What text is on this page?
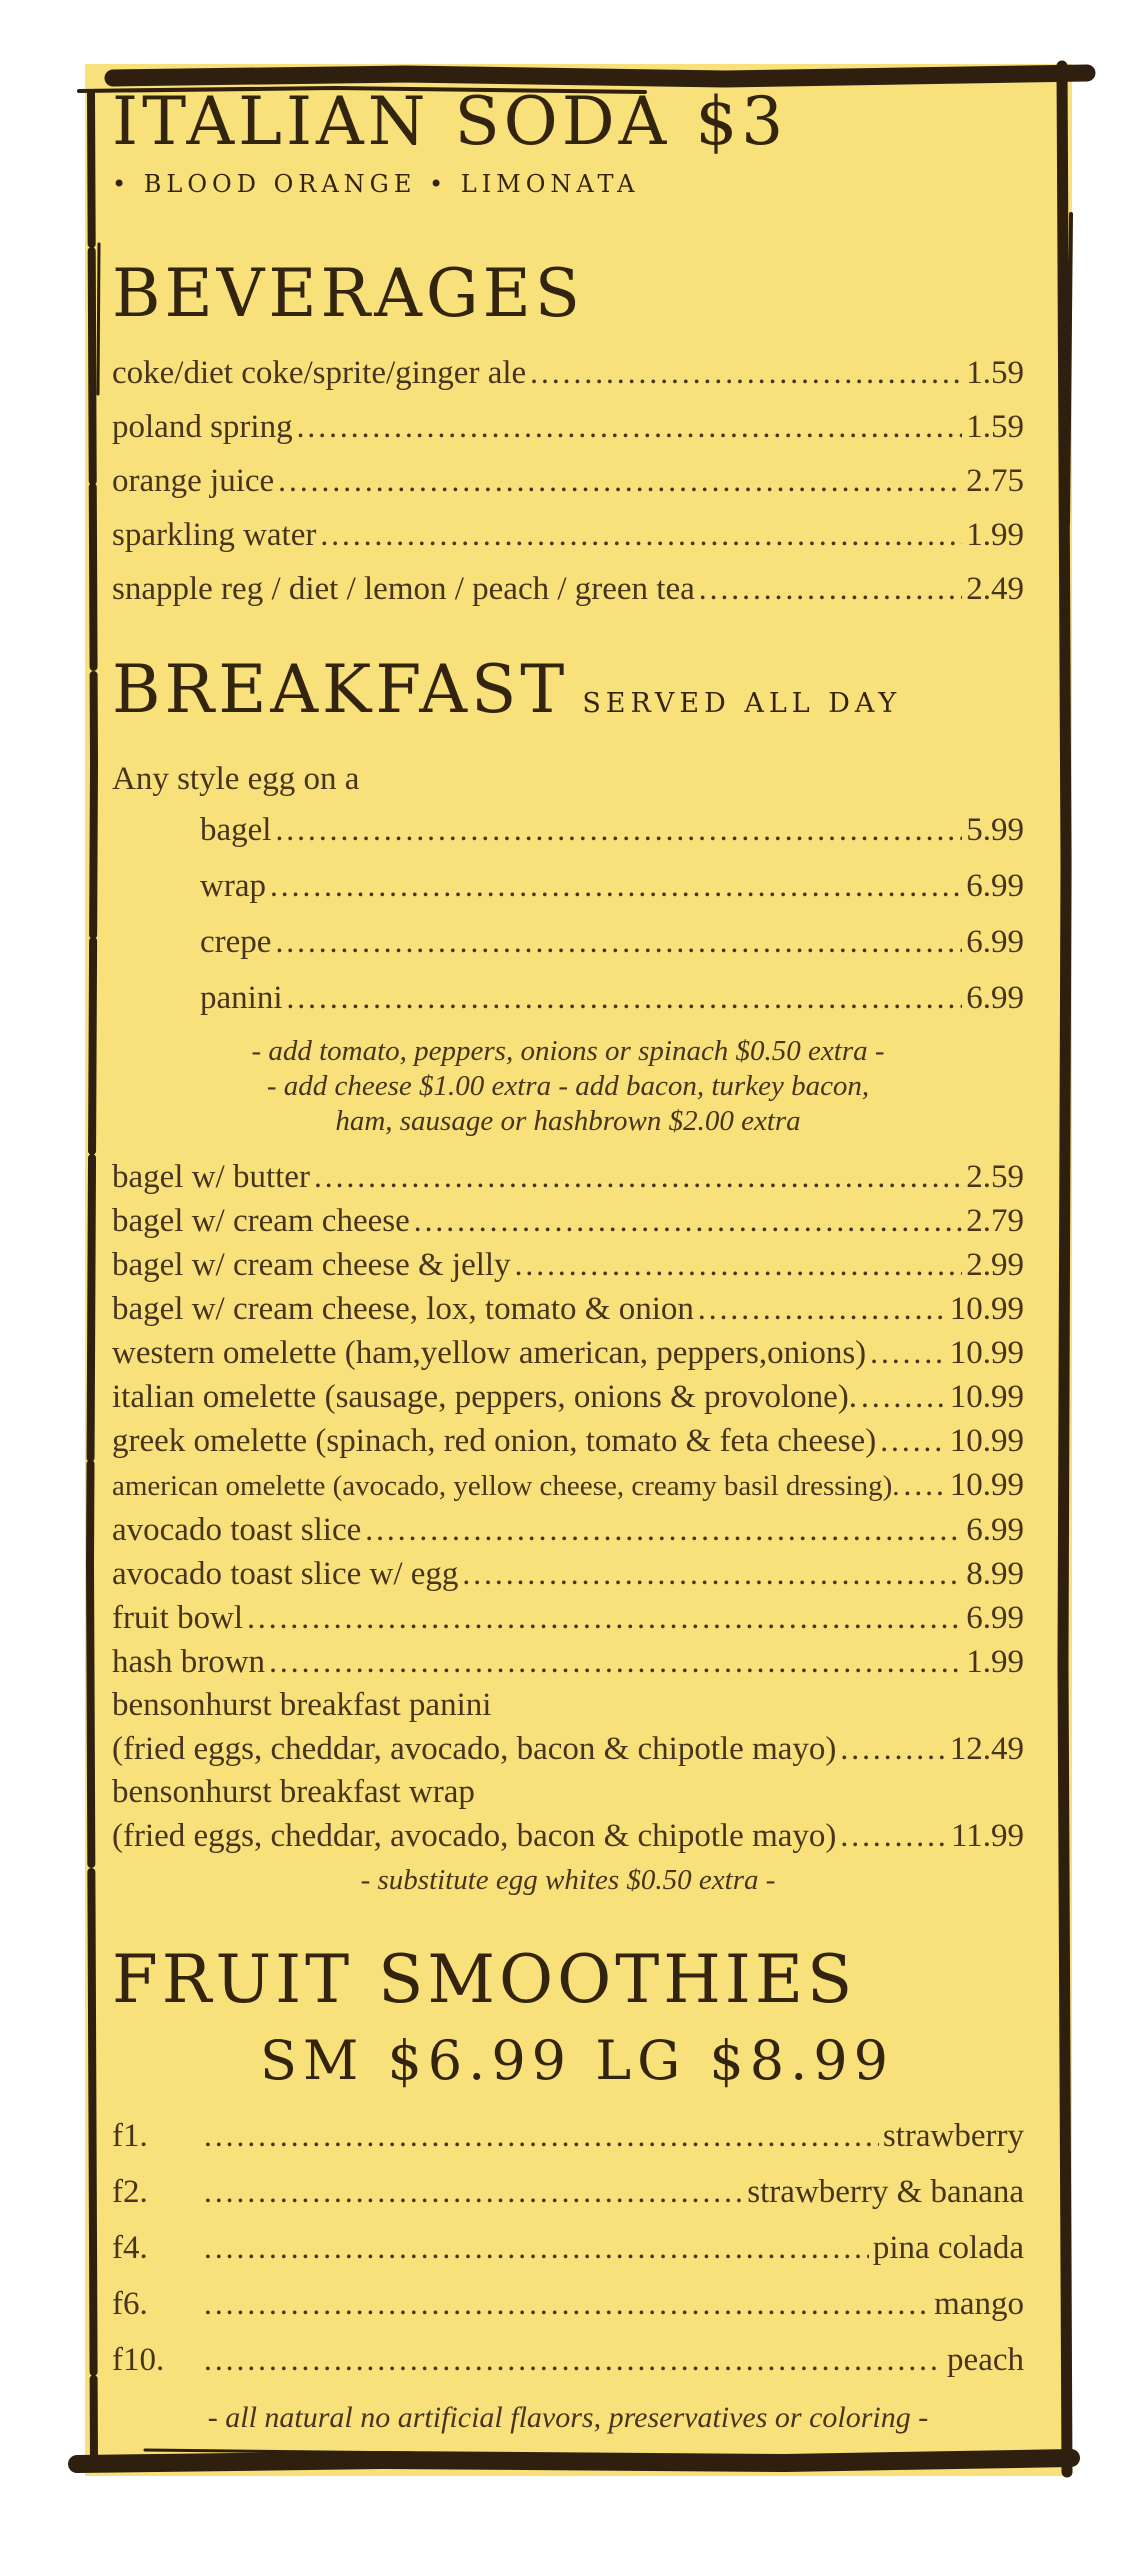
ITALIAN SODA $3
• BLOOD ORANGE • LIMONATA
BEVERAGES
coke/diet coke/sprite/ginger ale .....	1.59
poland spring .....	1.59
orange juice .....	2.75
sparkling water .....	1.99
snapple reg / diet / lemon / peach / green tea .....	2.49
BREAKFAST SERVED ALL DAY
Any style egg on a
bagel .....	5.99
wrap .....	6.99
crepe .....	6.99
panini .....	6.99
- add tomato, peppers, onions or spinach $0.50 extra -
- add cheese $1.00 extra - add bacon, turkey bacon,
ham, sausage or hashbrown $2.00 extra
bagel w/ butter .....	2.59
bagel w/ cream cheese .....	2.79
bagel w/ cream cheese & jelly .....	2.99
bagel w/ cream cheese, lox, tomato & onion .....	10.99
western omelette (ham,yellow american, peppers,onions) .....	10.99
italian omelette (sausage, peppers, onions & provolone). .....	10.99
greek omelette (spinach, red onion, tomato & feta cheese) ..... 10.99
american omelette (avocado, yellow cheese, creamy basil dressing). ..... 10.99
avocado toast slice .....	6.99
avocado toast slice w/ egg .....	8.99
fruit bowl .....	6.99
hash brown .....	1.99
bensonhurst breakfast panini
(fried eggs, cheddar, avocado, bacon & chipotle mayo) .....	12.49
bensonhurst breakfast wrap
(fried eggs, cheddar, avocado, bacon & chipotle mayo) .....	11.99
- substitute egg whites $0.50 extra -
FRUIT SMOOTHIES
SM $6.99 LG $8.99
f1. .....	strawberry
f2. .....	strawberry & banana
f4. .....	pina colada
f6. .....	mango
f10. .....	peach
- all natural no artificial flavors, preservatives or coloring -
